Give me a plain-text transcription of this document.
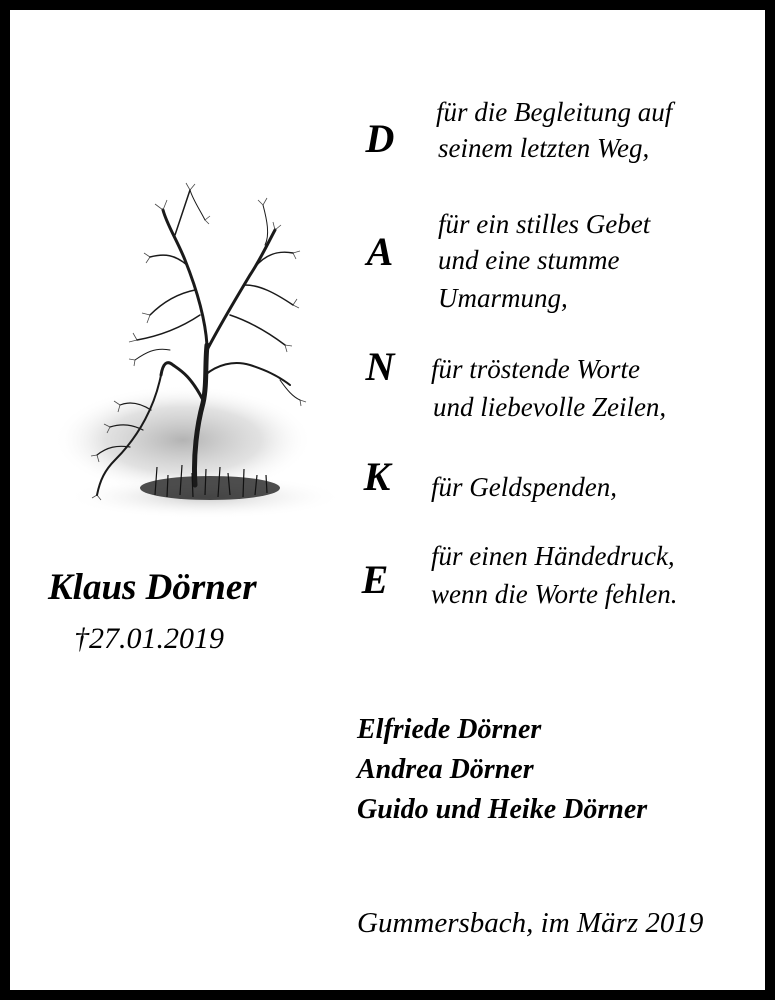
Klaus Dörner
†27.01.2019
D
für die Begleitung auf
seinem letzten Weg,
A
für ein stilles Gebet
und eine stumme
Umarmung,
N für tröstende Worte
und liebevolle Zeilen,
K für Geldspenden,
E
für einen Händedruck,
wenn die Worte fehlen.
Elfriede Dörner
Andrea Dörner
Guido und Heike Dörner
Gummersbach, im März 2019
